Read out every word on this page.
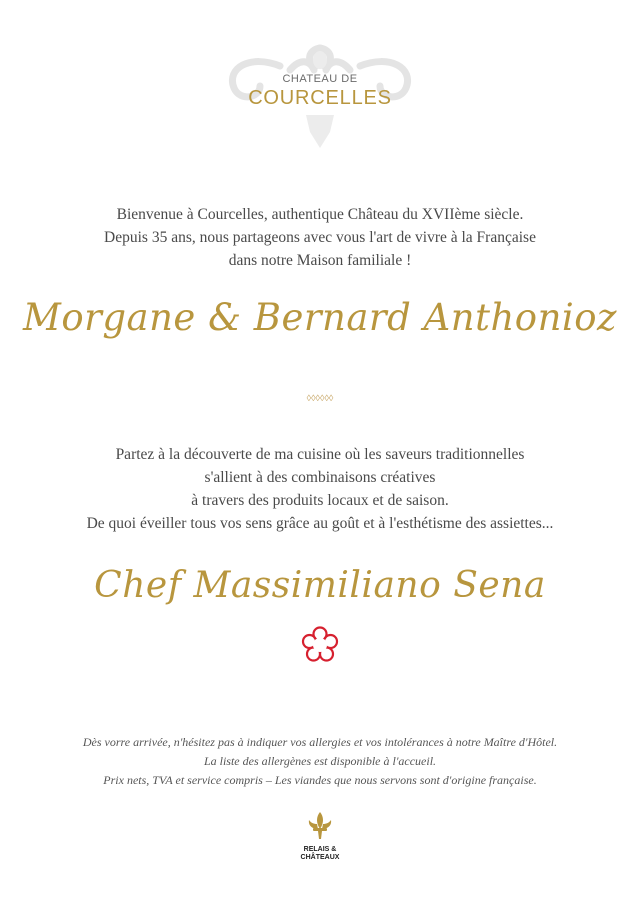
CHATEAU DE
COURCELLES
Bienvenue à Courcelles, authentique Château du XVIIème siècle.
Depuis 35 ans, nous partageons avec vous l'art de vivre à la Française
dans notre Maison familiale !
Morgane & Bernard Anthonioz
◊◊◊◊◊◊
Partez à la découverte de ma cuisine où les saveurs traditionnelles
s'allient à des combinaisons créatives
à travers des produits locaux et de saison.
De quoi éveiller tous vos sens grâce au goût et à l'esthétisme des assiettes...
Chef Massimiliano Sena
Dès vorre arrivée, n'hésitez pas à indiquer vos allergies et vos intolérances à notre Maître d'Hôtel.
La liste des allergènes est disponible à l'accueil.
Prix nets, TVA et service compris – Les viandes que nous servons sont d'origine française.
RELAIS &
CHÂTEAUX
